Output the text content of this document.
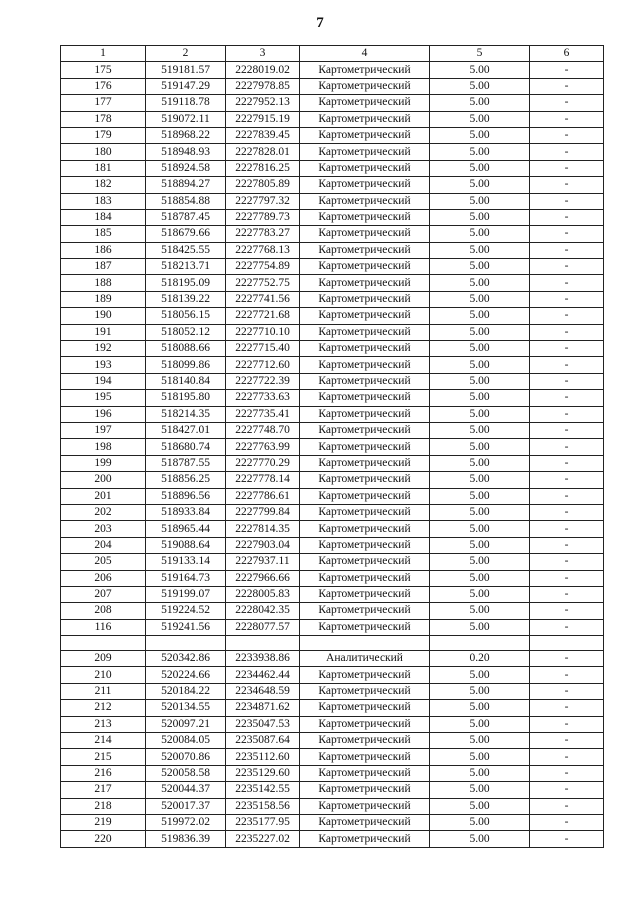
7
1	2	3	4	5	6
175	519181.57	2228019.02	Картометрический	5.00	-
176	519147.29	2227978.85	Картометрический	5.00	-
177	519118.78	2227952.13	Картометрический	5.00	-
178	519072.11	2227915.19	Картометрический	5.00	-
179	518968.22	2227839.45	Картометрический	5.00	-
180	518948.93	2227828.01	Картометрический	5.00	-
181	518924.58	2227816.25	Картометрический	5.00	-
182	518894.27	2227805.89	Картометрический	5.00	-
183	518854.88	2227797.32	Картометрический	5.00	-
184	518787.45	2227789.73	Картометрический	5.00	-
185	518679.66	2227783.27	Картометрический	5.00	-
186	518425.55	2227768.13	Картометрический	5.00	-
187	518213.71	2227754.89	Картометрический	5.00	-
188	518195.09	2227752.75	Картометрический	5.00	-
189	518139.22	2227741.56	Картометрический	5.00	-
190	518056.15	2227721.68	Картометрический	5.00	-
191	518052.12	2227710.10	Картометрический	5.00	-
192	518088.66	2227715.40	Картометрический	5.00	-
193	518099.86	2227712.60	Картометрический	5.00	-
194	518140.84	2227722.39	Картометрический	5.00	-
195	518195.80	2227733.63	Картометрический	5.00	-
196	518214.35	2227735.41	Картометрический	5.00	-
197	518427.01	2227748.70	Картометрический	5.00	-
198	518680.74	2227763.99	Картометрический	5.00	-
199	518787.55	2227770.29	Картометрический	5.00	-
200	518856.25	2227778.14	Картометрический	5.00	-
201	518896.56	2227786.61	Картометрический	5.00	-
202	518933.84	2227799.84	Картометрический	5.00	-
203	518965.44	2227814.35	Картометрический	5.00	-
204	519088.64	2227903.04	Картометрический	5.00	-
205	519133.14	2227937.11	Картометрический	5.00	-
206	519164.73	2227966.66	Картометрический	5.00	-
207	519199.07	2228005.83	Картометрический	5.00	-
208	519224.52	2228042.35	Картометрический	5.00	-
116	519241.56	2228077.57	Картометрический	5.00	-

209	520342.86	2233938.86	Аналитический	0.20	-
210	520224.66	2234462.44	Картометрический	5.00	-
211	520184.22	2234648.59	Картометрический	5.00	-
212	520134.55	2234871.62	Картометрический	5.00	-
213	520097.21	2235047.53	Картометрический	5.00	-
214	520084.05	2235087.64	Картометрический	5.00	-
215	520070.86	2235112.60	Картометрический	5.00	-
216	520058.58	2235129.60	Картометрический	5.00	-
217	520044.37	2235142.55	Картометрический	5.00	-
218	520017.37	2235158.56	Картометрический	5.00	-
219	519972.02	2235177.95	Картометрический	5.00	-
220	519836.39	2235227.02	Картометрический	5.00	-
